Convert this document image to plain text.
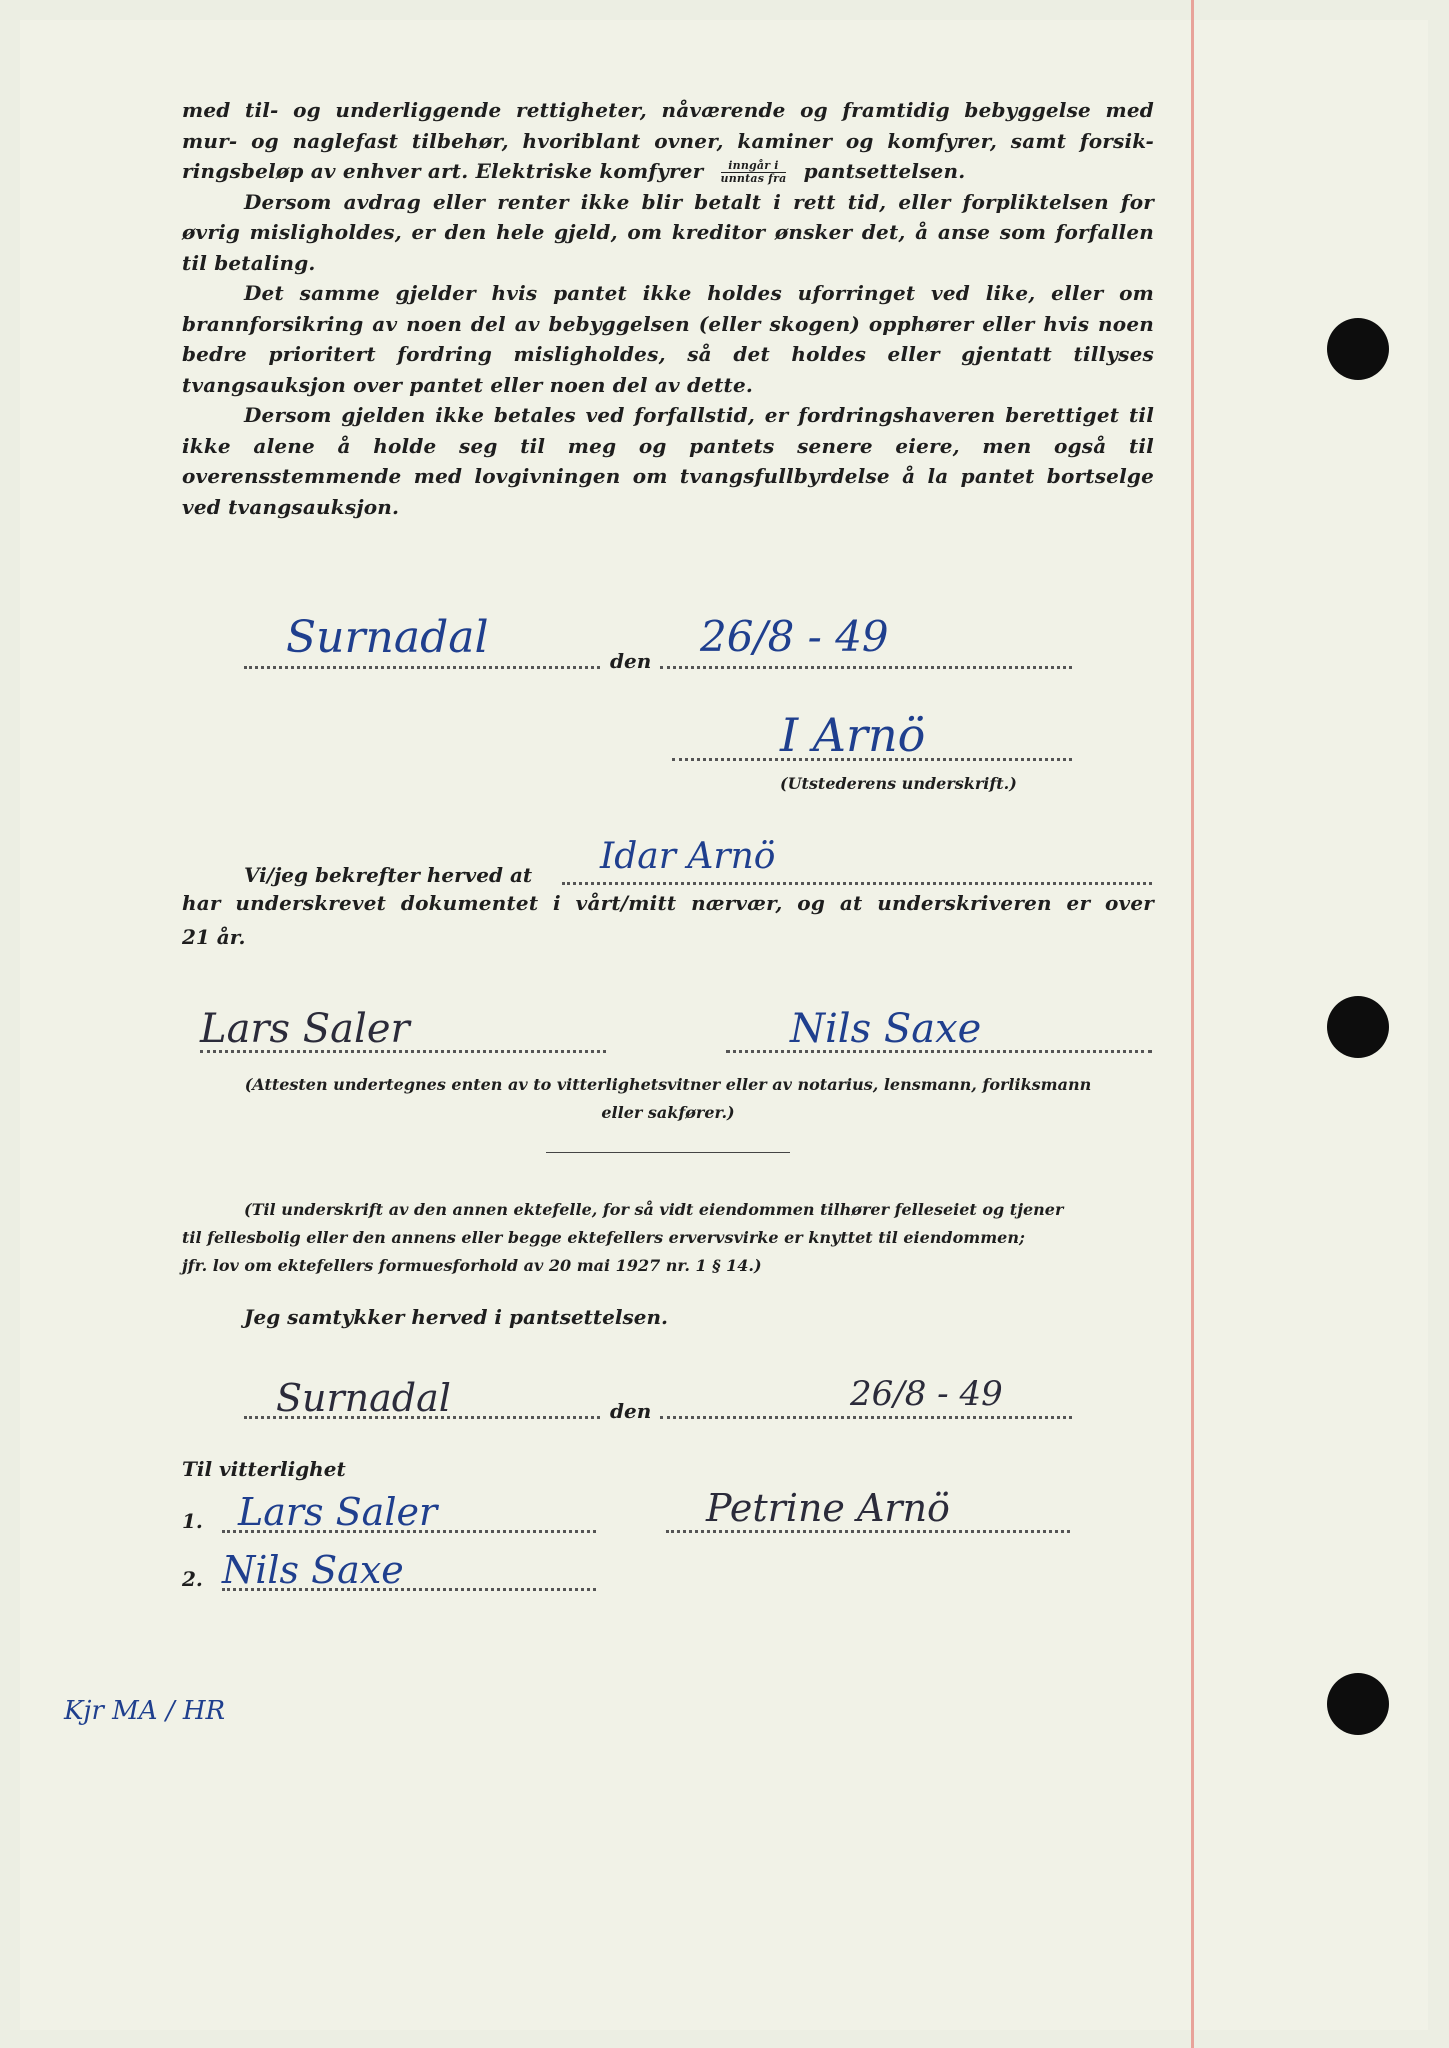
med til- og underliggende rettigheter, nåværende og framtidig bebyggelse med

mur- og naglefast tilbehør, hvoriblant ovner, kaminer og komfyrer, samt forsik-

ringsbeløp av enhver art. Elektriske komfyrer $\frac{\text{inngår i}}{\text{unntas fra}}$ pantsettelsen.

Dersom avdrag eller renter ikke blir betalt i rett tid, eller forpliktelsen for øvrig misligholdes, er den hele gjeld, om kreditor ønsker det, å anse som forfallen til betaling.

Det samme gjelder hvis pantet ikke holdes uforringet ved like, eller om brannforsikring av noen del av bebyggelsen (eller skogen) opphører eller hvis noen bedre prioritert fordring misligholdes, så det holdes eller gjentatt tillyses tvangsauksjon over pantet eller noen del av dette.

Dersom gjelden ikke betales ved forfallstid, er fordringshaveren berettiget til ikke alene å holde seg til meg og pantets senere eiere, men også til overensstemmende med lovgivningen om tvangsfullbyrdelse å la pantet bortselge ved tvangsauksjon.

den
Surnadal	26/8 - 49
I Arnö
(Utstederens underskrift.)
Vi/jeg bekrefter herved at Idar Arnö
har underskrevet dokumentet i vårt/mitt nærvær, og at underskriveren er over
21 år.
Lars Saler	Nils Saxe
(Attesten undertegnes enten av to vitterlighetsvitner eller av notarius, lensmann, forliksmann
eller sakfører.)
(Til underskrift av den annen ektefelle, for så vidt eiendommen tilhører felleseiet og tjener
til fellesbolig eller den annens eller begge ektefellers ervervsvirke er knyttet til eiendommen;
jfr. lov om ektefellers formuesforhold av 20 mai 1927 nr. 1 § 14.)
Jeg samtykker herved i pantsettelsen.
Surnadal	den	26/8 - 49
Til vitterlighet
1. Lars Saler	Petrine Arnö
2. Nils Saxe
Kjr MA / HR
